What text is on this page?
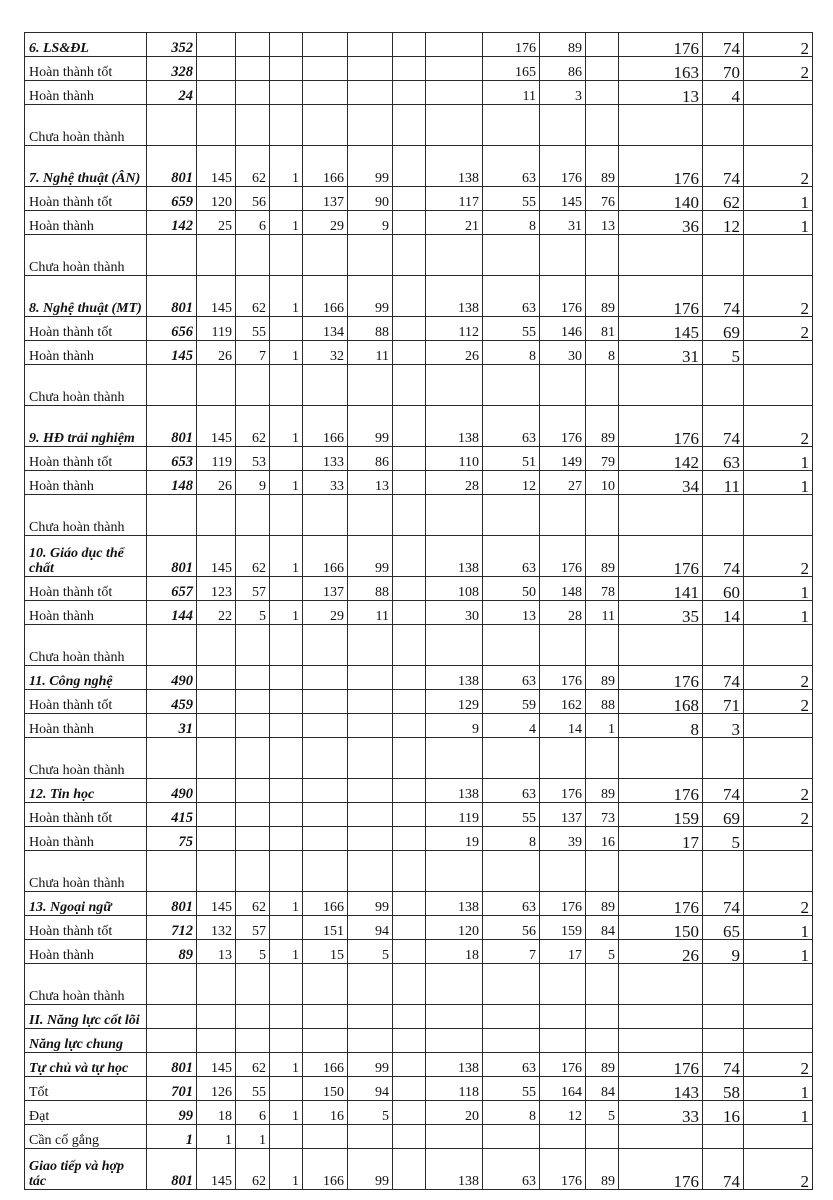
6. LS&ĐL	352								176	89		176	74	2
Hoàn thành tốt	328								165	86		163	70	2
Hoàn thành	24								11	3		13	4	
Chưa hoàn thành														
7. Nghệ thuật (ÂN)	801	145	62	1	166	99		138	63	176	89	176	74	2
Hoàn thành tốt	659	120	56		137	90		117	55	145	76	140	62	1
Hoàn thành	142	25	6	1	29	9		21	8	31	13	36	12	1
Chưa hoàn thành														
8. Nghệ thuật (MT)	801	145	62	1	166	99		138	63	176	89	176	74	2
Hoàn thành tốt	656	119	55		134	88		112	55	146	81	145	69	2
Hoàn thành	145	26	7	1	32	11		26	8	30	8	31	5	
Chưa hoàn thành														
9. HĐ trải nghiệm	801	145	62	1	166	99		138	63	176	89	176	74	2
Hoàn thành tốt	653	119	53		133	86		110	51	149	79	142	63	1
Hoàn thành	148	26	9	1	33	13		28	12	27	10	34	11	1
Chưa hoàn thành														
10. Giáo dục thể chất	801	145	62	1	166	99		138	63	176	89	176	74	2
Hoàn thành tốt	657	123	57		137	88		108	50	148	78	141	60	1
Hoàn thành	144	22	5	1	29	11		30	13	28	11	35	14	1
Chưa hoàn thành														
11. Công nghệ	490							138	63	176	89	176	74	2
Hoàn thành tốt	459							129	59	162	88	168	71	2
Hoàn thành	31							9	4	14	1	8	3	
Chưa hoàn thành														
12. Tin học	490							138	63	176	89	176	74	2
Hoàn thành tốt	415							119	55	137	73	159	69	2
Hoàn thành	75							19	8	39	16	17	5	
Chưa hoàn thành														
13. Ngoại ngữ	801	145	62	1	166	99		138	63	176	89	176	74	2
Hoàn thành tốt	712	132	57		151	94		120	56	159	84	150	65	1
Hoàn thành	89	13	5	1	15	5		18	7	17	5	26	9	1
Chưa hoàn thành														
II. Năng lực cốt lõi														
Năng lực chung														
Tự chủ và tự học	801	145	62	1	166	99		138	63	176	89	176	74	2
Tốt	701	126	55		150	94		118	55	164	84	143	58	1
Đạt	99	18	6	1	16	5		20	8	12	5	33	16	1
Cần cố gắng	1	1	1											
Giao tiếp và hợp tác	801	145	62	1	166	99		138	63	176	89	176	74	2
